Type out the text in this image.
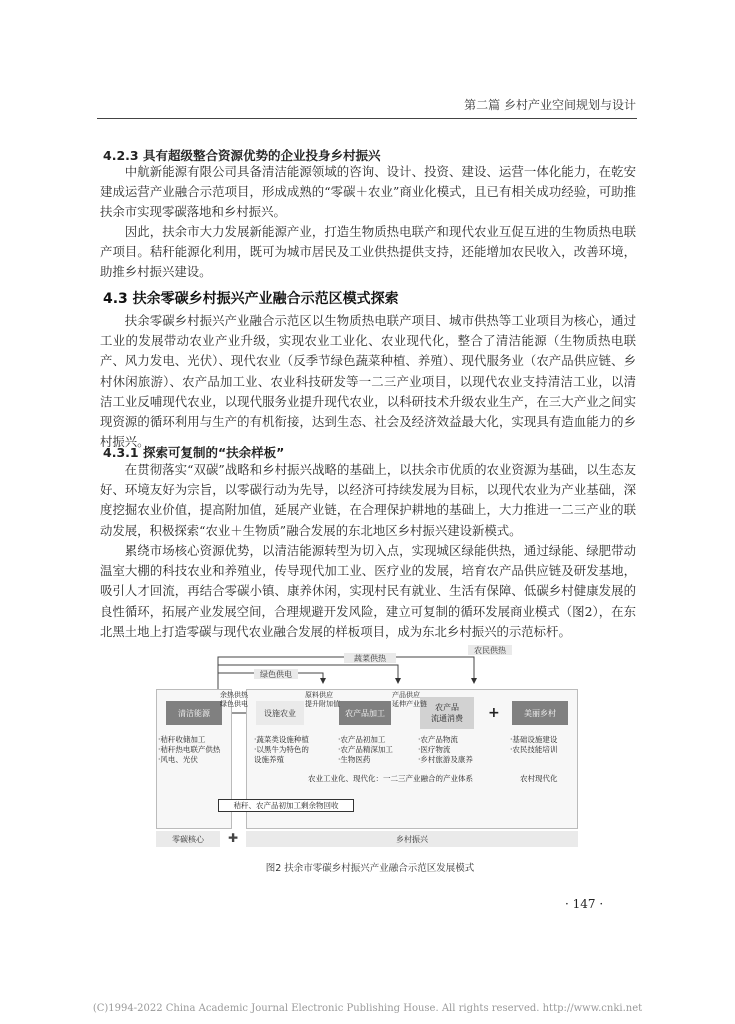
第二篇 乡村产业空间规划与设计
4.2.3 具有超级整合资源优势的企业投身乡村振兴

中航新能源有限公司具备清洁能源领域的咨询、设计、投资、建设、运营一体化能力，在乾安建成运营产业融合示范项目，形成成熟的“零碳＋农业”商业化模式，且已有相关成功经验，可助推扶余市实现零碳落地和乡村振兴。

因此，扶余市大力发展新能源产业，打造生物质热电联产和现代农业互促互进的生物质热电联产项目。秸秆能源化利用，既可为城市居民及工业供热提供支持，还能增加农民收入，改善环境，助推乡村振兴建设。

4.3 扶余零碳乡村振兴产业融合示范区模式探索

扶余零碳乡村振兴产业融合示范区以生物质热电联产项目、城市供热等工业项目为核心，通过工业的发展带动农业产业升级，实现农业工业化、农业现代化，整合了清洁能源（生物质热电联产、风力发电、光伏）、现代农业（反季节绿色蔬菜种植、养殖）、现代服务业（农产品供应链、乡村休闲旅游）、农产品加工业、农业科技研发等一二三产业项目，以现代农业支持清洁工业，以清洁工业反哺现代农业，以现代服务业提升现代农业，以科研技术升级农业生产，在三大产业之间实现资源的循环利用与生产的有机衔接，达到生态、社会及经济效益最大化，实现具有造血能力的乡村振兴。

4.3.1 探索可复制的“扶余样板”

在贯彻落实“双碳”战略和乡村振兴战略的基础上，以扶余市优质的农业资源为基础，以生态友好、环境友好为宗旨，以零碳行动为先导，以经济可持续发展为目标，以现代农业为产业基础，深度挖掘农业价值，提高附加值，延展产业链，在合理保护耕地的基础上，大力推进一二三产业的联动发展，积极探索“农业＋生物质”融合发展的东北地区乡村振兴建设新模式。

累绕市场核心资源优势，以清洁能源转型为切入点，实现城区绿能供热，通过绿能、绿肥带动温室大棚的科技农业和养殖业，传导现代加工业、医疗业的发展，培育农产品供应链及研发基地，吸引人才回流，再结合零碳小镇、康养休闲，实现村民有就业、生活有保障、低碳乡村健康发展的良性循环，拓展产业发展空间，合理规避开发风险，建立可复制的循环发展商业模式（图2），在东北黑土地上打造零碳与现代农业融合发展的样板项目，成为东北乡村振兴的示范标杆。

蔬菜供热
农民供热
绿色供电
清洁能源	设施农业	农产品加工
农产品
流通消费	+	美丽乡村
余热供热
绿色供电
原料供应
提升附加值
产品供应
延伸产业链
·秸秆收储加工
·秸秆热电联产供热
·风电、光伏
·蔬菜类设施种植
·以黑牛为特色的
设施养殖
·农产品初加工
·农产品精深加工
·生物医药
·农产品物流
·医疗物流
·乡村旅游及康养
·基础设施建设
·农民技能培训
农业工业化、现代化：一二三产业融合的产业体系	农村现代化
秸秆、农产品初加工剩余物回收
零碳核心	✚	乡村振兴
图2 扶余市零碳乡村振兴产业融合示范区发展模式
· 147 ·
(C)1994-2022 China Academic Journal Electronic Publishing House. All rights reserved. http://www.cnki.net
